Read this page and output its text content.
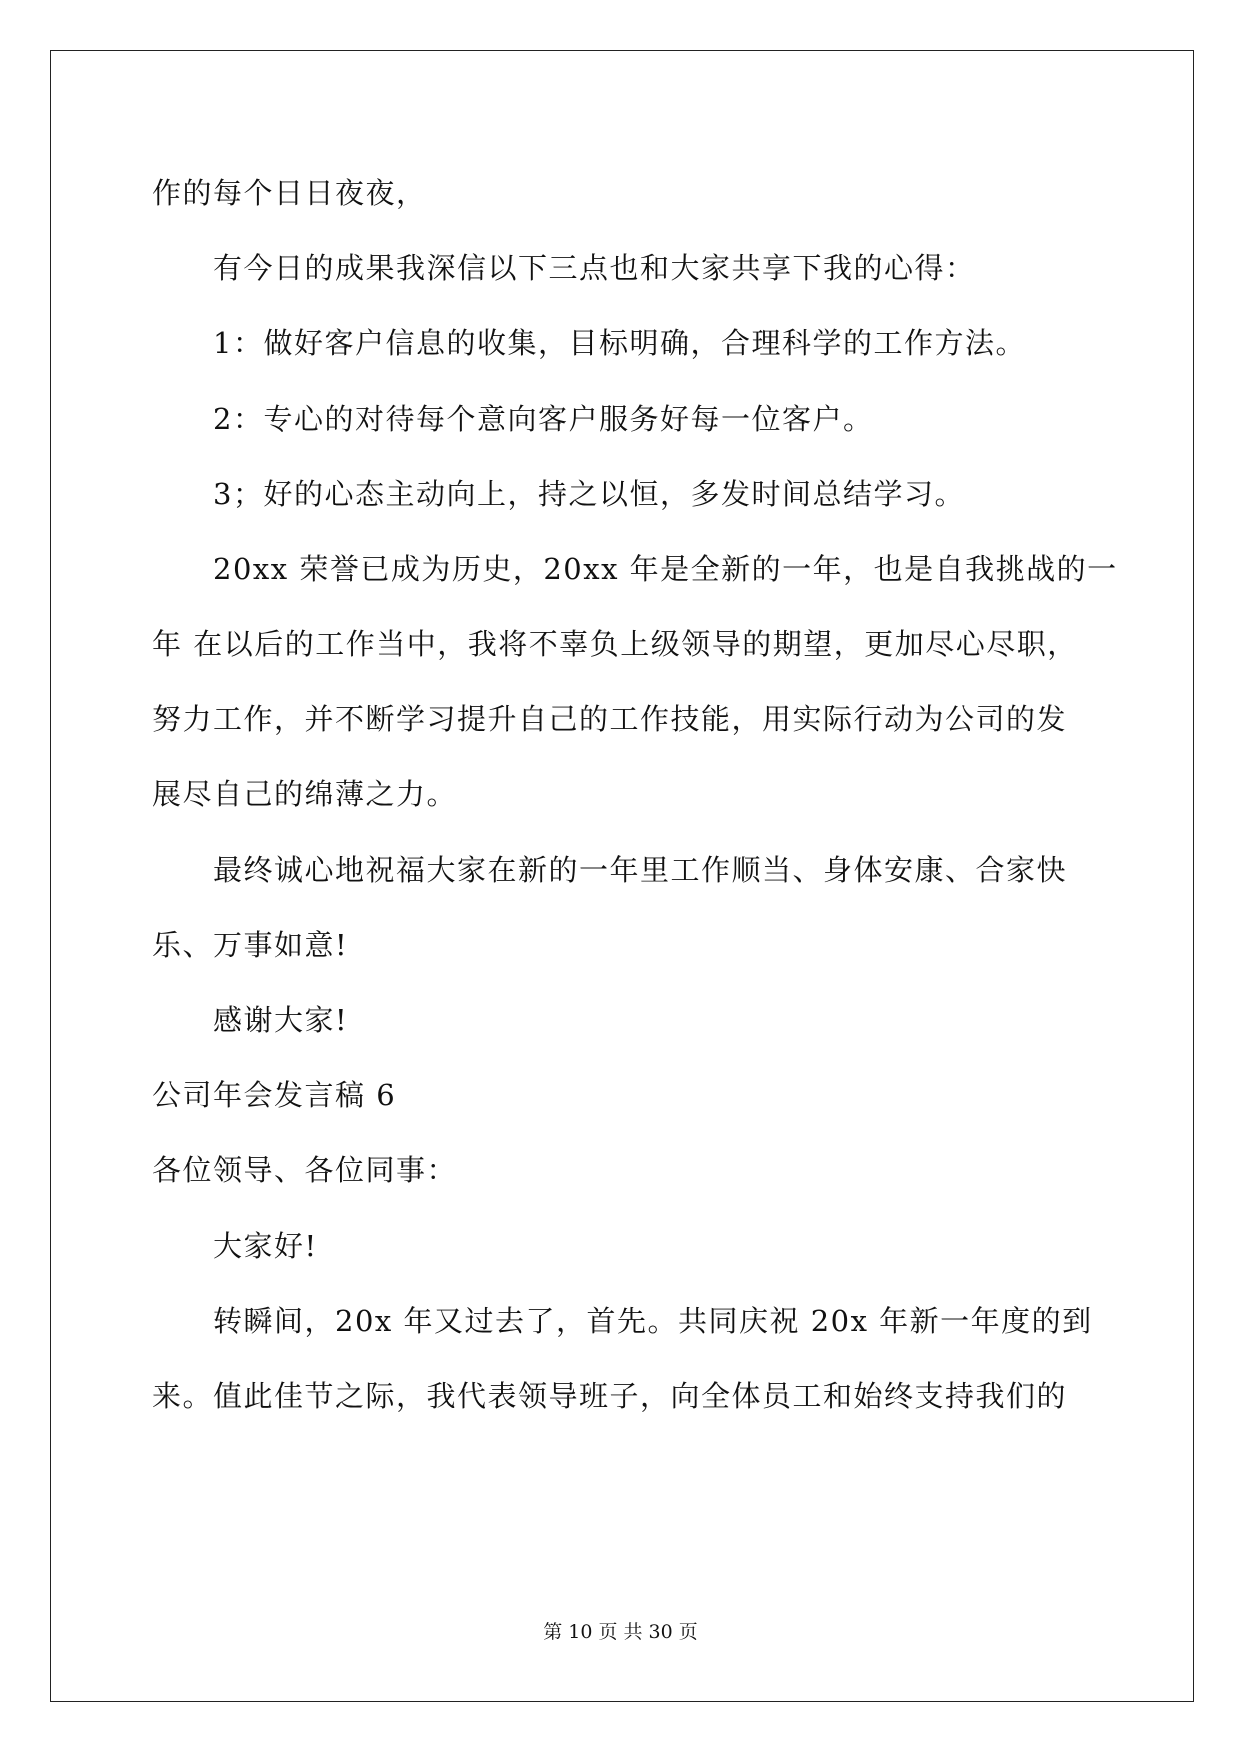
作的每个日日夜夜，
有今日的成果我深信以下三点也和大家共享下我的心得：
1：做好客户信息的收集，目标明确，合理科学的工作方法。
2：专心的对待每个意向客户服务好每一位客户。
3；好的心态主动向上，持之以恒，多发时间总结学习。
20xx 荣誉已成为历史，20xx 年是全新的一年，也是自我挑战的一
年 在以后的工作当中，我将不辜负上级领导的期望，更加尽心尽职，
努力工作，并不断学习提升自己的工作技能，用实际行动为公司的发
展尽自己的绵薄之力。
最终诚心地祝福大家在新的一年里工作顺当、身体安康、合家快
乐、万事如意!
感谢大家!
公司年会发言稿 6
各位领导、各位同事：
大家好!
转瞬间，20x 年又过去了，首先。共同庆祝 20x 年新一年度的到
来。值此佳节之际，我代表领导班子，向全体员工和始终支持我们的
第 10 页 共 30 页
